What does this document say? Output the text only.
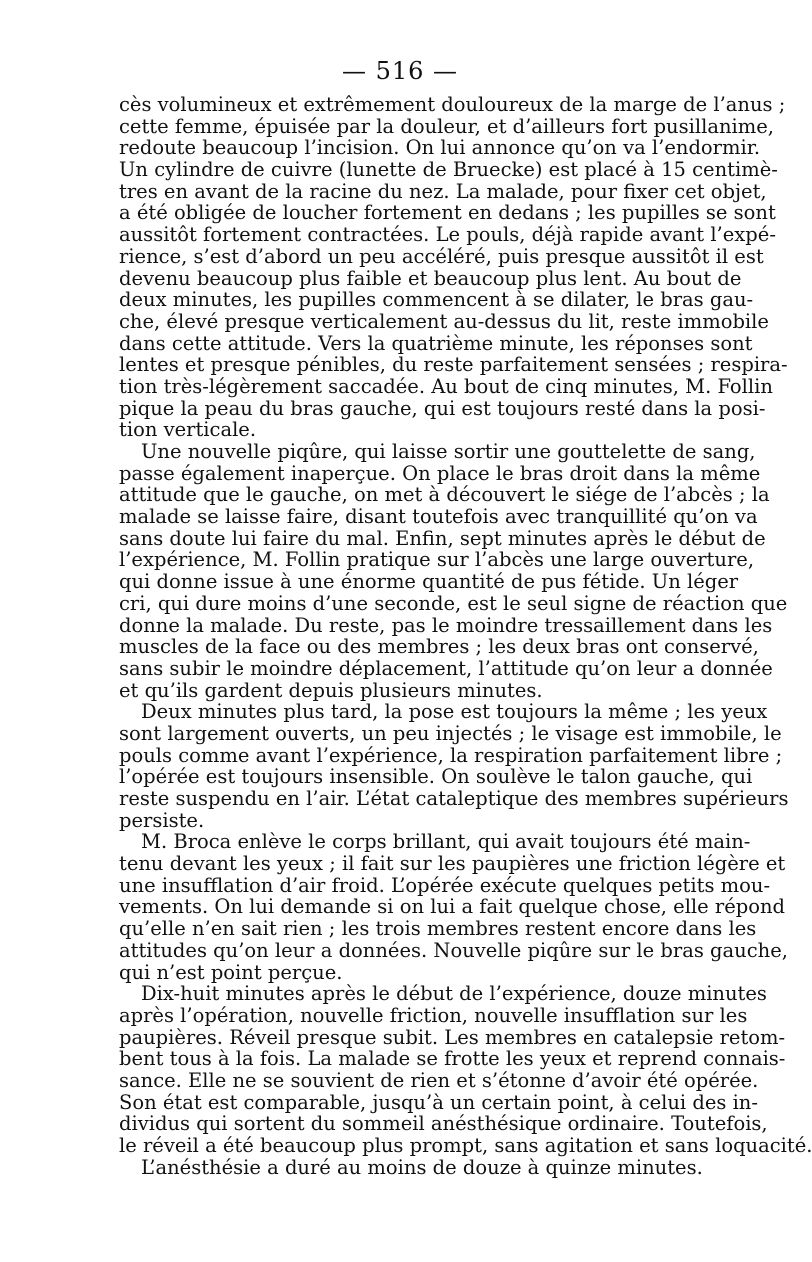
— 516 —
cès volumineux et extrêmement douloureux de la marge de l’anus ;
cette femme, épuisée par la douleur, et d’ailleurs fort pusillanime,
redoute beaucoup l’incision. On lui annonce qu’on va l’endormir.
Un cylindre de cuivre (lunette de Bruecke) est placé à 15 centimè-
tres en avant de la racine du nez. La malade, pour fixer cet objet,
a été obligée de loucher fortement en dedans ; les pupilles se sont
aussitôt fortement contractées. Le pouls, déjà rapide avant l’expé-
rience, s’est d’abord un peu accéléré, puis presque aussitôt il est
devenu beaucoup plus faible et beaucoup plus lent. Au bout de
deux minutes, les pupilles commencent à se dilater, le bras gau-
che, élevé presque verticalement au-dessus du lit, reste immobile
dans cette attitude. Vers la quatrième minute, les réponses sont
lentes et presque pénibles, du reste parfaitement sensées ; respira-
tion très-légèrement saccadée. Au bout de cinq minutes, M. Follin
pique la peau du bras gauche, qui est toujours resté dans la posi-
tion verticale.
Une nouvelle piqûre, qui laisse sortir une gouttelette de sang,
passe également inaperçue. On place le bras droit dans la même
attitude que le gauche, on met à découvert le siége de l’abcès ; la
malade se laisse faire, disant toutefois avec tranquillité qu’on va
sans doute lui faire du mal. Enfin, sept minutes après le début de
l’expérience, M. Follin pratique sur l’abcès une large ouverture,
qui donne issue à une énorme quantité de pus fétide. Un léger
cri, qui dure moins d’une seconde, est le seul signe de réaction que
donne la malade. Du reste, pas le moindre tressaillement dans les
muscles de la face ou des membres ; les deux bras ont conservé,
sans subir le moindre déplacement, l’attitude qu’on leur a donnée
et qu’ils gardent depuis plusieurs minutes.
Deux minutes plus tard, la pose est toujours la même ; les yeux
sont largement ouverts, un peu injectés ; le visage est immobile, le
pouls comme avant l’expérience, la respiration parfaitement libre ;
l’opérée est toujours insensible. On soulève le talon gauche, qui
reste suspendu en l’air. L’état cataleptique des membres supérieurs
persiste.
M. Broca enlève le corps brillant, qui avait toujours été main-
tenu devant les yeux ; il fait sur les paupières une friction légère et
une insufflation d’air froid. L’opérée exécute quelques petits mou-
vements. On lui demande si on lui a fait quelque chose, elle répond
qu’elle n’en sait rien ; les trois membres restent encore dans les
attitudes qu’on leur a données. Nouvelle piqûre sur le bras gauche,
qui n’est point perçue.
Dix-huit minutes après le début de l’expérience, douze minutes
après l’opération, nouvelle friction, nouvelle insufflation sur les
paupières. Réveil presque subit. Les membres en catalepsie retom-
bent tous à la fois. La malade se frotte les yeux et reprend connais-
sance. Elle ne se souvient de rien et s’étonne d’avoir été opérée.
Son état est comparable, jusqu’à un certain point, à celui des in-
dividus qui sortent du sommeil anésthésique ordinaire. Toutefois,
le réveil a été beaucoup plus prompt, sans agitation et sans loquacité.
L’anésthésie a duré au moins de douze à quinze minutes.
